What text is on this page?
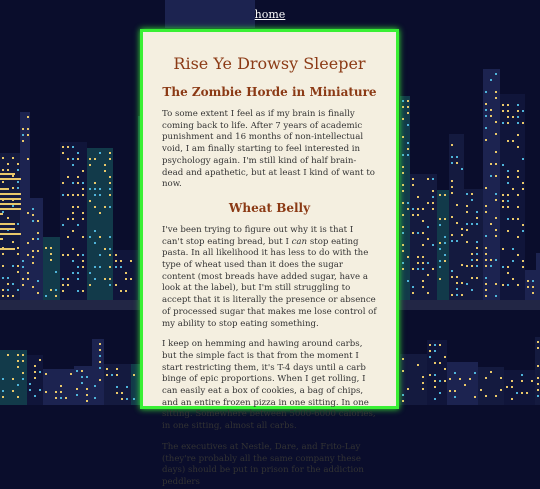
home
Rise Ye Drowsy Sleeper
The Zombie Horde in Miniature

To some extent I feel as if my brain is finally coming back to life. After 7 years of academic punishment and 16 months of non-intellectual void, I am finally starting to feel interested in psychology again. I'm still kind of half brain-dead and apathetic, but at least I kind of want to now.

Wheat Belly

I've been trying to figure out why it is that I can't stop eating bread, but I can stop eating pasta. In all likelihood it has less to do with the type of wheat used than it does the sugar content (most breads have added sugar, have a look at the label), but I'm still struggling to accept that it is literally the presence or absence of processed sugar that makes me lose control of my ability to stop eating something.

I keep on hemming and hawing around carbs, but the simple fact is that from the moment I start restricting them, it's T-4 days until a carb binge of epic proportions. When I get rolling, I can easily eat a box of cookies, a bag of chips, and an entire frozen pizza in one sitting. In one sitting. Somewhere between 5000-6000 calories, in one sitting, almost all carbs.

The executives at Nestle, Dare, and Frito-Lay (they're probably all the same company these days) should be put in prison for the addiction peddlers
